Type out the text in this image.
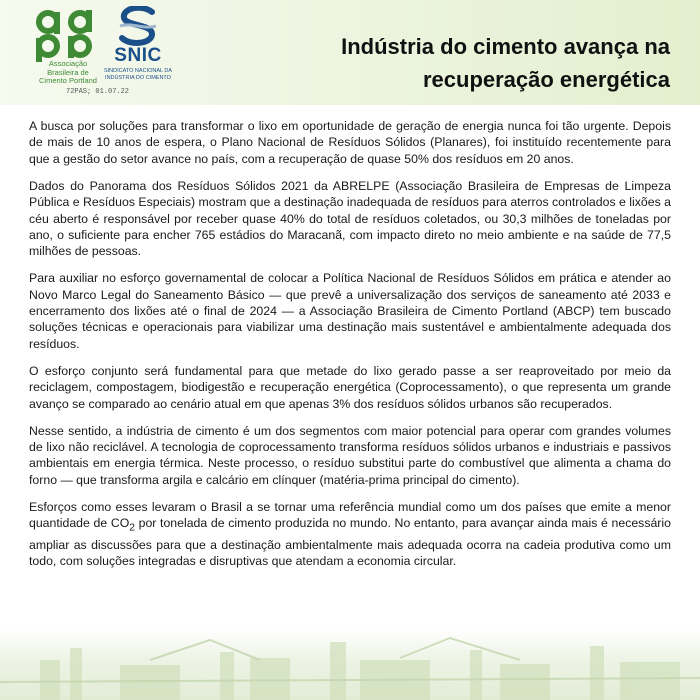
Associação
Brasileira de
Cimento Portland
72PAS; 01.07.22
SNIC
SINDICATO NACIONAL DA
INDÚSTRIA DO CIMENTO
Indústria do cimento avança na
recuperação energética

A busca por soluções para transformar o lixo em oportunidade de geração de energia nunca foi tão urgente. Depois de mais de 10 anos de espera, o Plano Nacional de Resíduos Sólidos (Planares), foi instituído recentemente para que a gestão do setor avance no país, com a recuperação de quase 50% dos resíduos em 20 anos.

Dados do Panorama dos Resíduos Sólidos 2021 da ABRELPE (Associação Brasileira de Empresas de Limpeza Pública e Resíduos Especiais) mostram que a destinação inadequada de resíduos para aterros controlados e lixões a céu aberto é responsável por receber quase 40% do total de resíduos coletados, ou 30,3 milhões de toneladas por ano, o suficiente para encher 765 estádios do Maracanã, com impacto direto no meio ambiente e na saúde de 77,5 milhões de pessoas.

Para auxiliar no esforço governamental de colocar a Política Nacional de Resíduos Sólidos em prática e atender ao Novo Marco Legal do Saneamento Básico — que prevê a universalização dos serviços de saneamento até 2033 e encerramento dos lixões até o final de 2024 — a Associação Brasileira de Cimento Portland (ABCP) tem buscado soluções técnicas e operacionais para viabilizar uma destinação mais sustentável e ambientalmente adequada dos resíduos.

O esforço conjunto será fundamental para que metade do lixo gerado passe a ser reaproveitado por meio da reciclagem, compostagem, biodigestão e recuperação energética (Coprocessamento), o que representa um grande avanço se comparado ao cenário atual em que apenas 3% dos resíduos sólidos urbanos são recuperados.

Nesse sentido, a indústria de cimento é um dos segmentos com maior potencial para operar com grandes volumes de lixo não reciclável. A tecnologia de coprocessamento transforma resíduos sólidos urbanos e industriais e passivos ambientais em energia térmica. Neste processo, o resíduo substitui parte do combustível que alimenta a chama do forno — que transforma argila e calcário em clínquer (matéria-prima principal do cimento).

Esforços como esses levaram o Brasil a se tornar uma referência mundial como um dos países que emite a menor quantidade de $CO_2$ por tonelada de cimento produzida no mundo. No entanto, para avançar ainda mais é necessário ampliar as discussões para que a destinação ambientalmente mais adequada ocorra na cadeia produtiva como um todo, com soluções integradas e disruptivas que atendam a economia circular.
